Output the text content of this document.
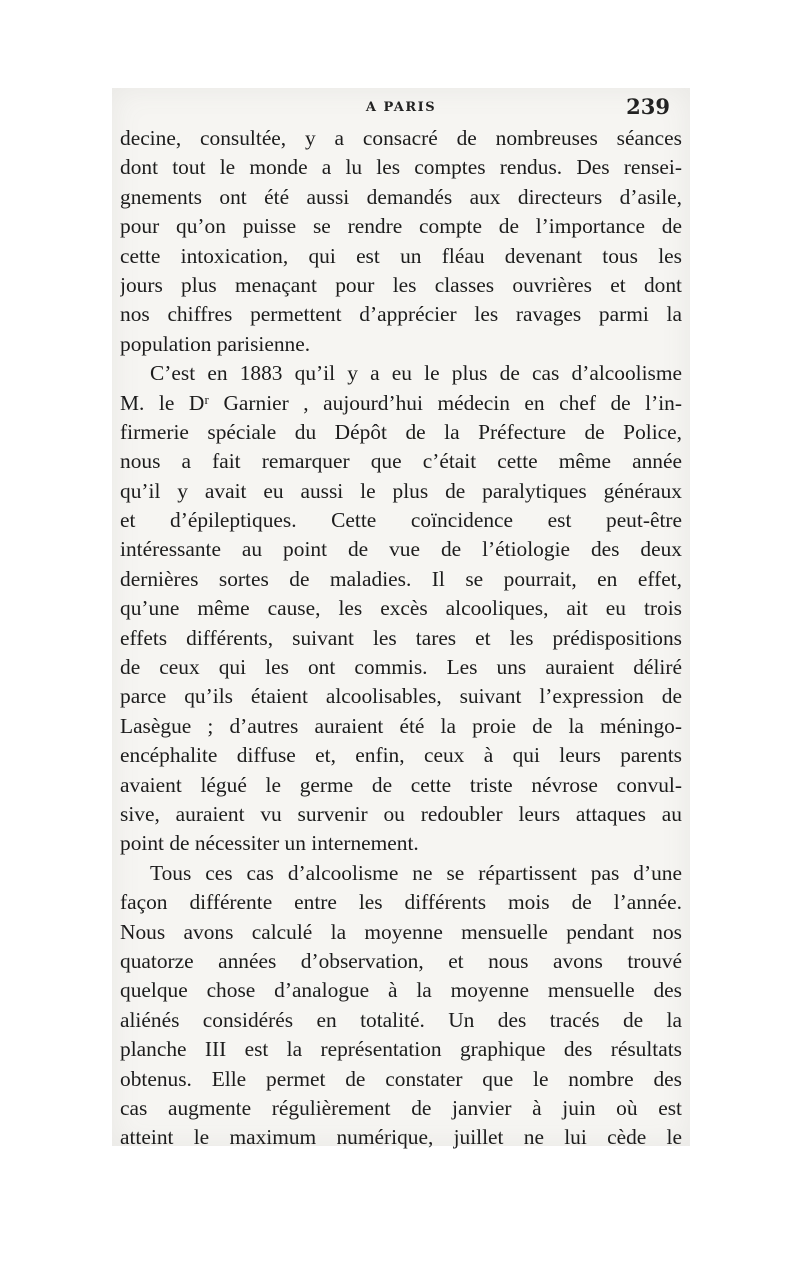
A PARIS	239
decine, consultée, y a consacré de nombreuses séances
dont tout le monde a lu les comptes rendus. Des rensei-
gnements ont été aussi demandés aux directeurs d’asile,
pour qu’on puisse se rendre compte de l’importance de
cette intoxication, qui est un fléau devenant tous les
jours plus menaçant pour les classes ouvrières et dont
nos chiffres permettent d’apprécier les ravages parmi la
population parisienne.
C’est en 1883 qu’il y a eu le plus de cas d’alcoolisme
M. le Dʳ Garnier , aujourd’hui médecin en chef de l’in-
firmerie spéciale du Dépôt de la Préfecture de Police,
nous a fait remarquer que c’était cette même année
qu’il y avait eu aussi le plus de paralytiques généraux
et d’épileptiques. Cette coïncidence est peut-être
intéressante au point de vue de l’étiologie des deux
dernières sortes de maladies. Il se pourrait, en effet,
qu’une même cause, les excès alcooliques, ait eu trois
effets différents, suivant les tares et les prédispositions
de ceux qui les ont commis. Les uns auraient déliré
parce qu’ils étaient alcoolisables, suivant l’expression de
Lasègue ; d’autres auraient été la proie de la méningo-
encéphalite diffuse et, enfin, ceux à qui leurs parents
avaient légué le germe de cette triste névrose convul-
sive, auraient vu survenir ou redoubler leurs attaques au
point de nécessiter un internement.
Tous ces cas d’alcoolisme ne se répartissent pas d’une
façon différente entre les différents mois de l’année.
Nous avons calculé la moyenne mensuelle pendant nos
quatorze années d’observation, et nous avons trouvé
quelque chose d’analogue à la moyenne mensuelle des
aliénés considérés en totalité. Un des tracés de la
planche III est la représentation graphique des résultats
obtenus. Elle permet de constater que le nombre des
cas augmente régulièrement de janvier à juin où est
atteint le maximum numérique, juillet ne lui cède le
